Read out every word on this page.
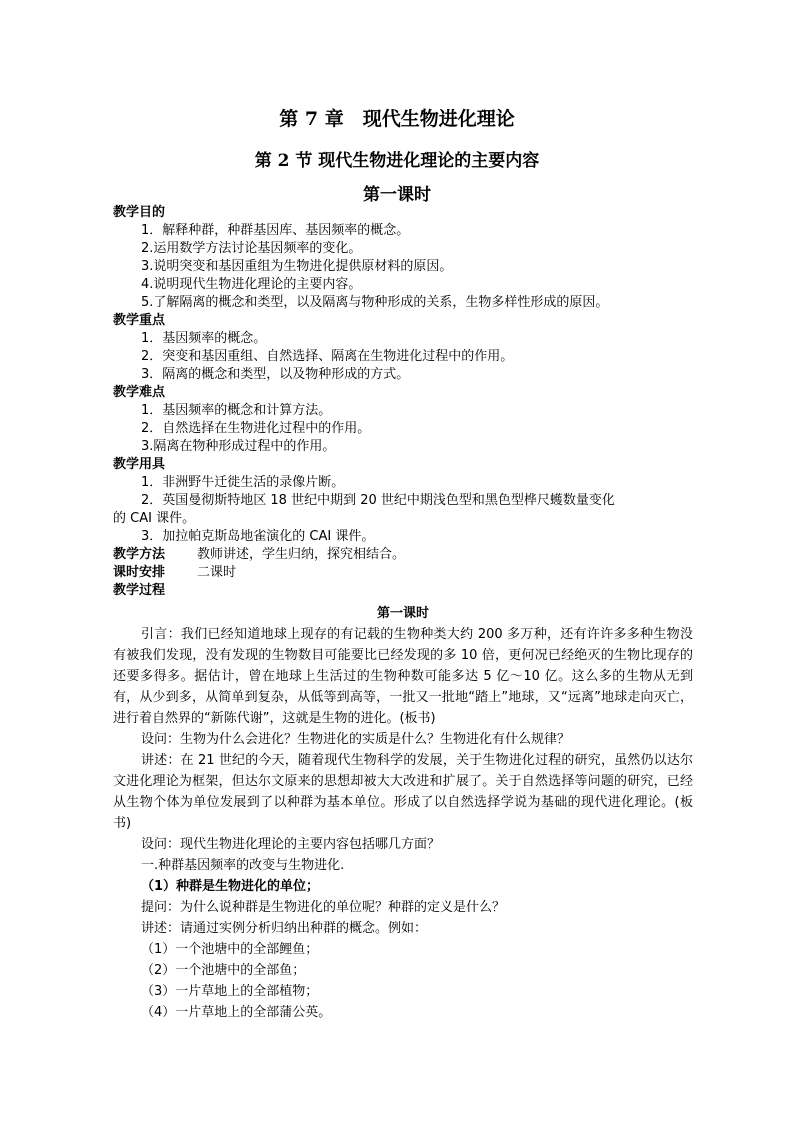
第 7 章　现代生物进化理论
第 2 节 现代生物进化理论的主要内容
第一课时
教学目的
1．解释种群，种群基因库、基因频率的概念。
2.运用数学方法讨论基因频率的变化。
3.说明突变和基因重组为生物进化提供原材料的原因。
4.说明现代生物进化理论的主要内容。
5.了解隔离的概念和类型，以及隔离与物种形成的关系，生物多样性形成的原因。
教学重点
1．基因频率的概念。
2．突变和基因重组、自然选择、隔离在生物进化过程中的作用。
3．隔离的概念和类型，以及物种形成的方式。
教学难点
1．基因频率的概念和计算方法。
2．自然选择在生物进化过程中的作用。
3.隔离在物种形成过程中的作用。
教学用具
1．非洲野牛迁徙生活的录像片断。
2．英国曼彻斯特地区 18 世纪中期到 20 世纪中期浅色型和黑色型桦尺蠖数量变化
的 CAI 课件。
3．加拉帕克斯岛地雀演化的 CAI 课件。
教学方法 教师讲述，学生归纳，探究相结合。
课时安排 二课时
教学过程
第一课时
引言：我们已经知道地球上现存的有记载的生物种类大约 200 多万种，还有许许多多种生物没有被我们发现，没有发现的生物数目可能要比已经发现的多 10 倍，更何况已经绝灭的生物比现存的还要多得多。据估计，曾在地球上生活过的生物种数可能多达 5 亿～10 亿。这么多的生物从无到有，从少到多，从简单到复杂，从低等到高等，一批又一批地“踏上”地球，又“远离”地球走向灭亡，进行着自然界的“新陈代谢”，这就是生物的进化。(板书)
设问：生物为什么会进化？生物进化的实质是什么？生物进化有什么规律？
讲述：在 21 世纪的今天，随着现代生物科学的发展，关于生物进化过程的研究，虽然仍以达尔文进化理论为框架，但达尔文原来的思想却被大大改进和扩展了。关于自然选择等问题的研究，已经从生物个体为单位发展到了以种群为基本单位。形成了以自然选择学说为基础的现代进化理论。(板书)
设问：现代生物进化理论的主要内容包括哪几方面？
一.种群基因频率的改变与生物进化.
（1）种群是生物进化的单位；
提问：为什么说种群是生物进化的单位呢？种群的定义是什么？
讲述：请通过实例分析归纳出种群的概念。例如：
（1）一个池塘中的全部鲤鱼；
（2）一个池塘中的全部鱼；
（3）一片草地上的全部植物；
（4）一片草地上的全部蒲公英。
